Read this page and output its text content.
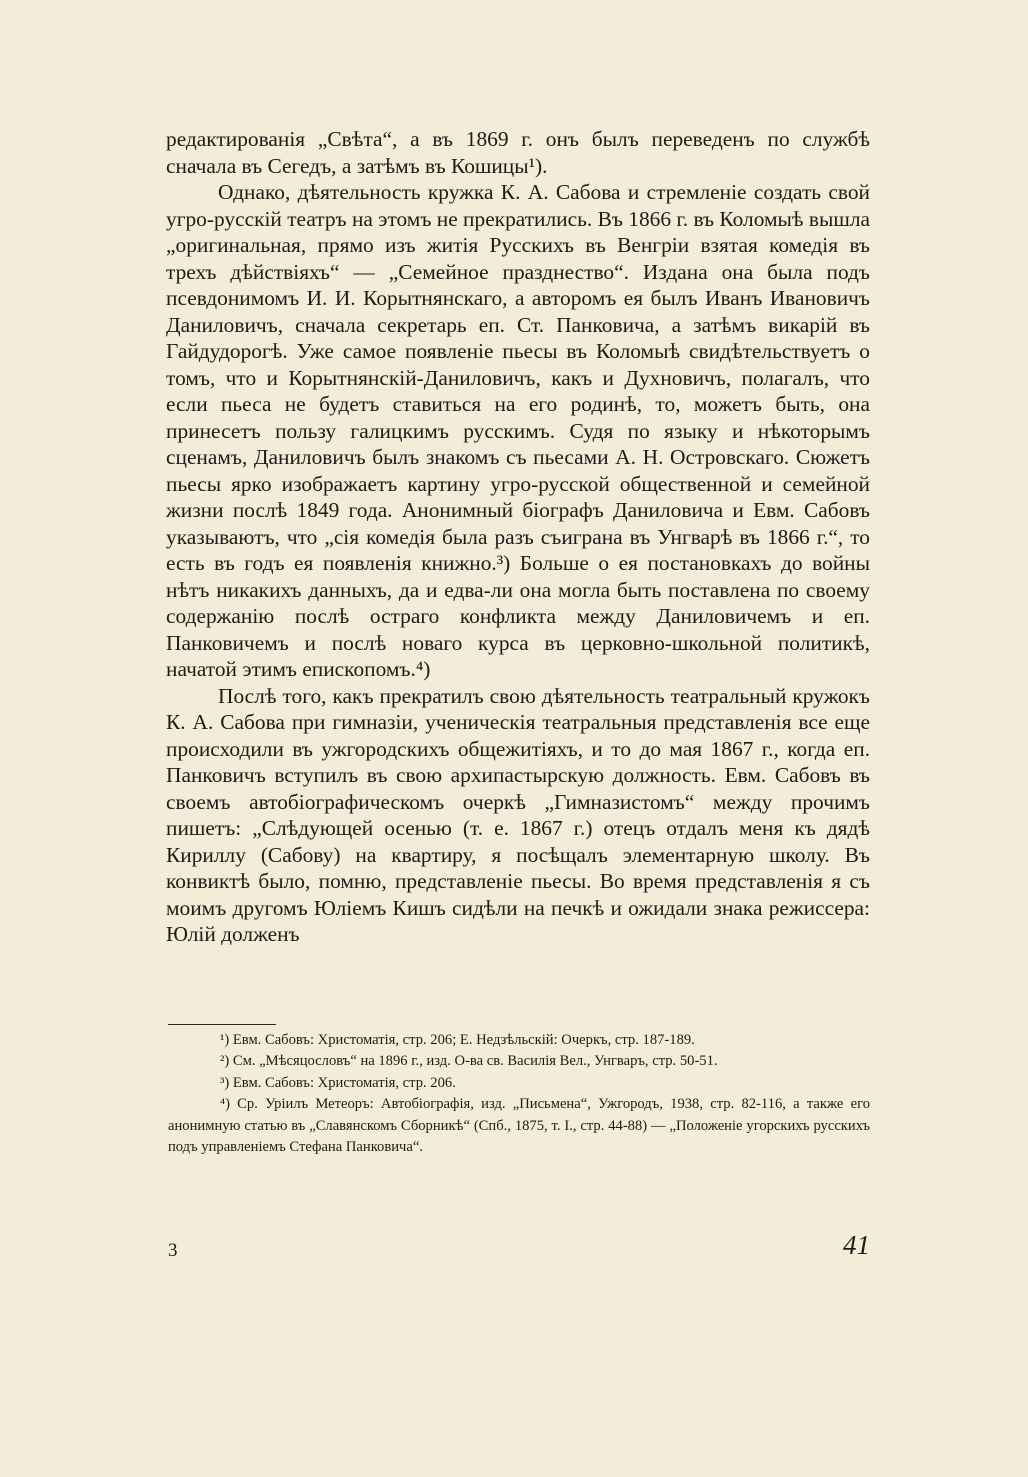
редактированія „Свѣта“, а въ 1869 г. онъ былъ переведенъ по службѣ сначала въ Сегедъ, а затѣмъ въ Кошицы¹).

Однако, дѣятельность кружка К. А. Сабова и стремленіе создать свой угро-русскій театръ на этомъ не прекратились. Въ 1866 г. въ Коломыѣ вышла „оригинальная, прямо изъ житія Русскихъ въ Венгріи взятая комедія въ трехъ дѣйствіяхъ“ — „Семейное празднество“. Издана она была подъ псевдонимомъ И. И. Корытнянскаго, а авторомъ ея былъ Иванъ Ивановичъ Даниловичъ, сначала секретарь еп. Ст. Панковича, а затѣмъ викарій въ Гайдудорогѣ. Уже самое появленіе пьесы въ Коломыѣ свидѣтельствуетъ о томъ, что и Корытнянскій-Даниловичъ, какъ и Духновичъ, полагалъ, что если пьеса не будетъ ставиться на его родинѣ, то, можетъ быть, она принесетъ пользу галицкимъ русскимъ. Судя по языку и нѣкоторымъ сценамъ, Даниловичъ былъ знакомъ съ пьесами А. Н. Островскаго. Сюжетъ пьесы ярко изображаетъ картину угро-русской общественной и семейной жизни послѣ 1849 года. Анонимный біографъ Даниловича и Евм. Сабовъ указываютъ, что „сія комедія была разъ съиграна въ Унгварѣ въ 1866 г.“, то есть въ годъ ея появленія книжно.³) Больше о ея постановкахъ до войны нѣтъ никакихъ данныхъ, да и едва-ли она могла быть поставлена по своему содержанію послѣ остраго конфликта между Даниловичемъ и еп. Панковичемъ и послѣ новаго курса въ церковно-школьной политикѣ, начатой этимъ епископомъ.⁴)

Послѣ того, какъ прекратилъ свою дѣятельность театральный кружокъ К. А. Сабова при гимназіи, ученическія театральныя представленія все еще происходили въ ужгородскихъ общежитіяхъ, и то до мая 1867 г., когда еп. Панковичъ вступилъ въ свою архипастырскую должность. Евм. Сабовъ въ своемъ автобіографическомъ очеркѣ „Гимназистомъ“ между прочимъ пишетъ: „Слѣдующей осенью (т. е. 1867 г.) отецъ отдалъ меня къ дядѣ Кириллу (Сабову) на квартиру, я посѣщалъ элементарную школу. Въ конвиктѣ было, помню, представленіе пьесы. Во время представленія я съ моимъ другомъ Юліемъ Кишъ сидѣли на печкѣ и ожидали знака режиссера: Юлій долженъ

¹) Евм. Сабовъ: Христоматія, стр. 206; Е. Недзѣльскій: Очеркъ, стр. 187-189.

²) См. „Мѣсяцословъ“ на 1896 г., изд. О-ва св. Василія Вел., Унгваръ, стр. 50-51.

³) Евм. Сабовъ: Христоматія, стр. 206.

⁴) Ср. Уріилъ Метеоръ: Автобіографія, изд. „Письмена“, Ужгородъ, 1938, стр. 82-116, а также его анонимную статью въ „Славянскомъ Сборникѣ“ (Спб., 1875, т. I., стр. 44-88) — „Положеніе угорскихъ русскихъ подъ управленіемъ Стефана Панковича“.

3	41
